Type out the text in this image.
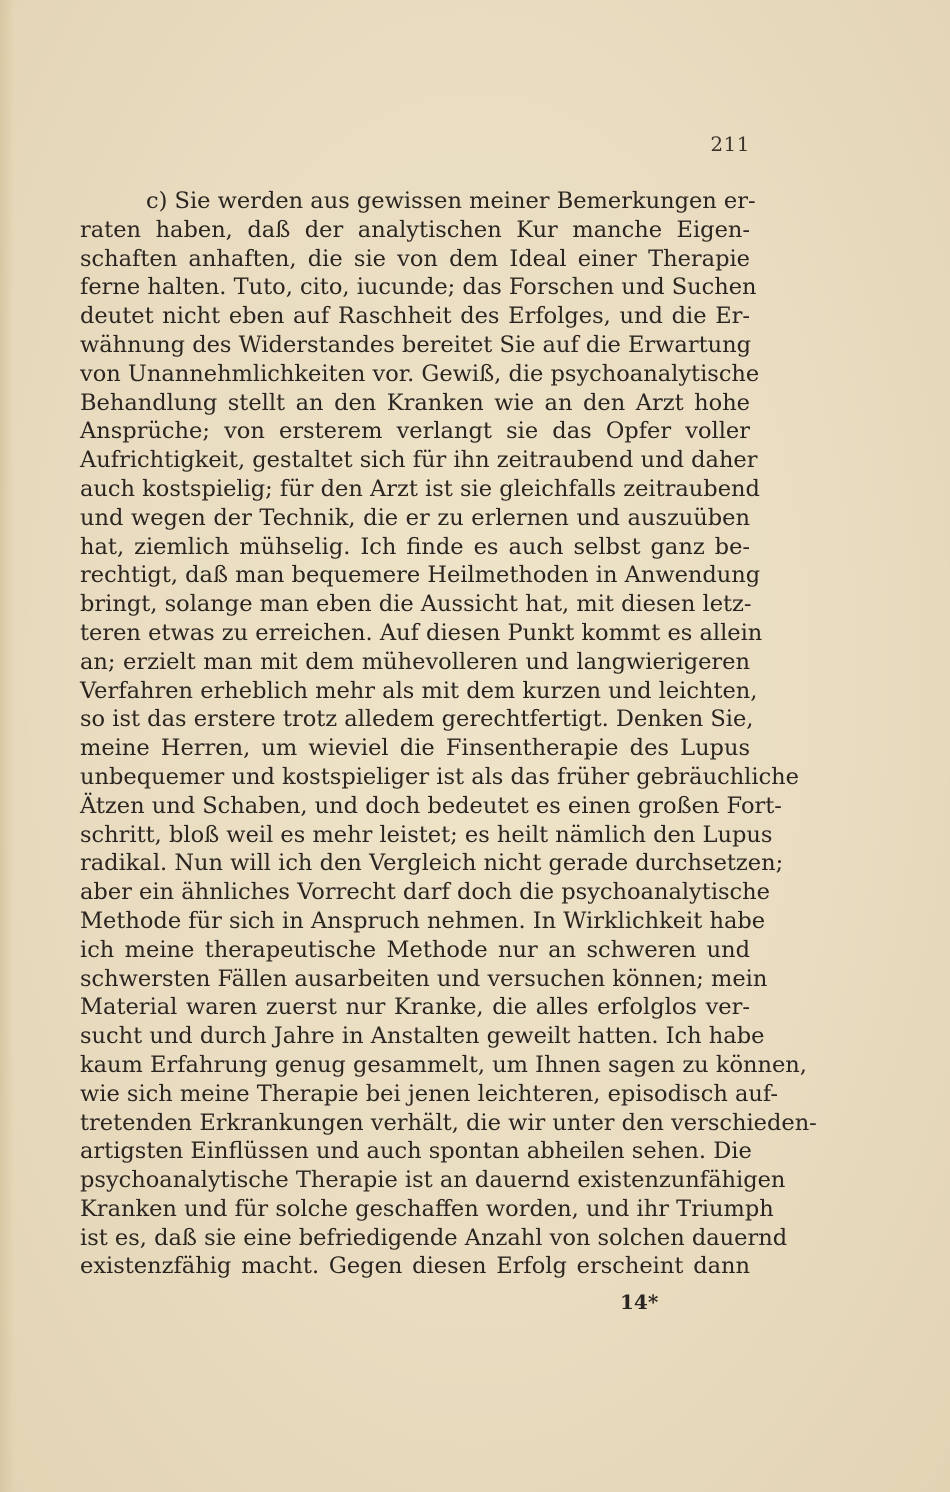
211
c) Sie werden aus gewissen meiner Bemerkungen er-
raten haben, daß der analytischen Kur manche Eigen-
schaften anhaften, die sie von dem Ideal einer Therapie
ferne halten. Tuto, cito, iucunde; das Forschen und Suchen
deutet nicht eben auf Raschheit des Erfolges, und die Er-
wähnung des Widerstandes bereitet Sie auf die Erwartung
von Unannehmlichkeiten vor. Gewiß, die psychoanalytische
Behandlung stellt an den Kranken wie an den Arzt hohe
Ansprüche; von ersterem verlangt sie das Opfer voller
Aufrichtigkeit, gestaltet sich für ihn zeitraubend und daher
auch kostspielig; für den Arzt ist sie gleichfalls zeitraubend
und wegen der Technik, die er zu erlernen und auszuüben
hat, ziemlich mühselig. Ich finde es auch selbst ganz be-
rechtigt, daß man bequemere Heilmethoden in Anwendung
bringt, solange man eben die Aussicht hat, mit diesen letz-
teren etwas zu erreichen. Auf diesen Punkt kommt es allein
an; erzielt man mit dem mühevolleren und langwierigeren
Verfahren erheblich mehr als mit dem kurzen und leichten,
so ist das erstere trotz alledem gerechtfertigt. Denken Sie,
meine Herren, um wieviel die Finsentherapie des Lupus
unbequemer und kostspieliger ist als das früher gebräuchliche
Ätzen und Schaben, und doch bedeutet es einen großen Fort-
schritt, bloß weil es mehr leistet; es heilt nämlich den Lupus
radikal. Nun will ich den Vergleich nicht gerade durchsetzen;
aber ein ähnliches Vorrecht darf doch die psychoanalytische
Methode für sich in Anspruch nehmen. In Wirklichkeit habe
ich meine therapeutische Methode nur an schweren und
schwersten Fällen ausarbeiten und versuchen können; mein
Material waren zuerst nur Kranke, die alles erfolglos ver-
sucht und durch Jahre in Anstalten geweilt hatten. Ich habe
kaum Erfahrung genug gesammelt, um Ihnen sagen zu können,
wie sich meine Therapie bei jenen leichteren, episodisch auf-
tretenden Erkrankungen verhält, die wir unter den verschieden-
artigsten Einflüssen und auch spontan abheilen sehen. Die
psychoanalytische Therapie ist an dauernd existenzunfähigen
Kranken und für solche geschaffen worden, und ihr Triumph
ist es, daß sie eine befriedigende Anzahl von solchen dauernd
existenzfähig macht. Gegen diesen Erfolg erscheint dann
14*
